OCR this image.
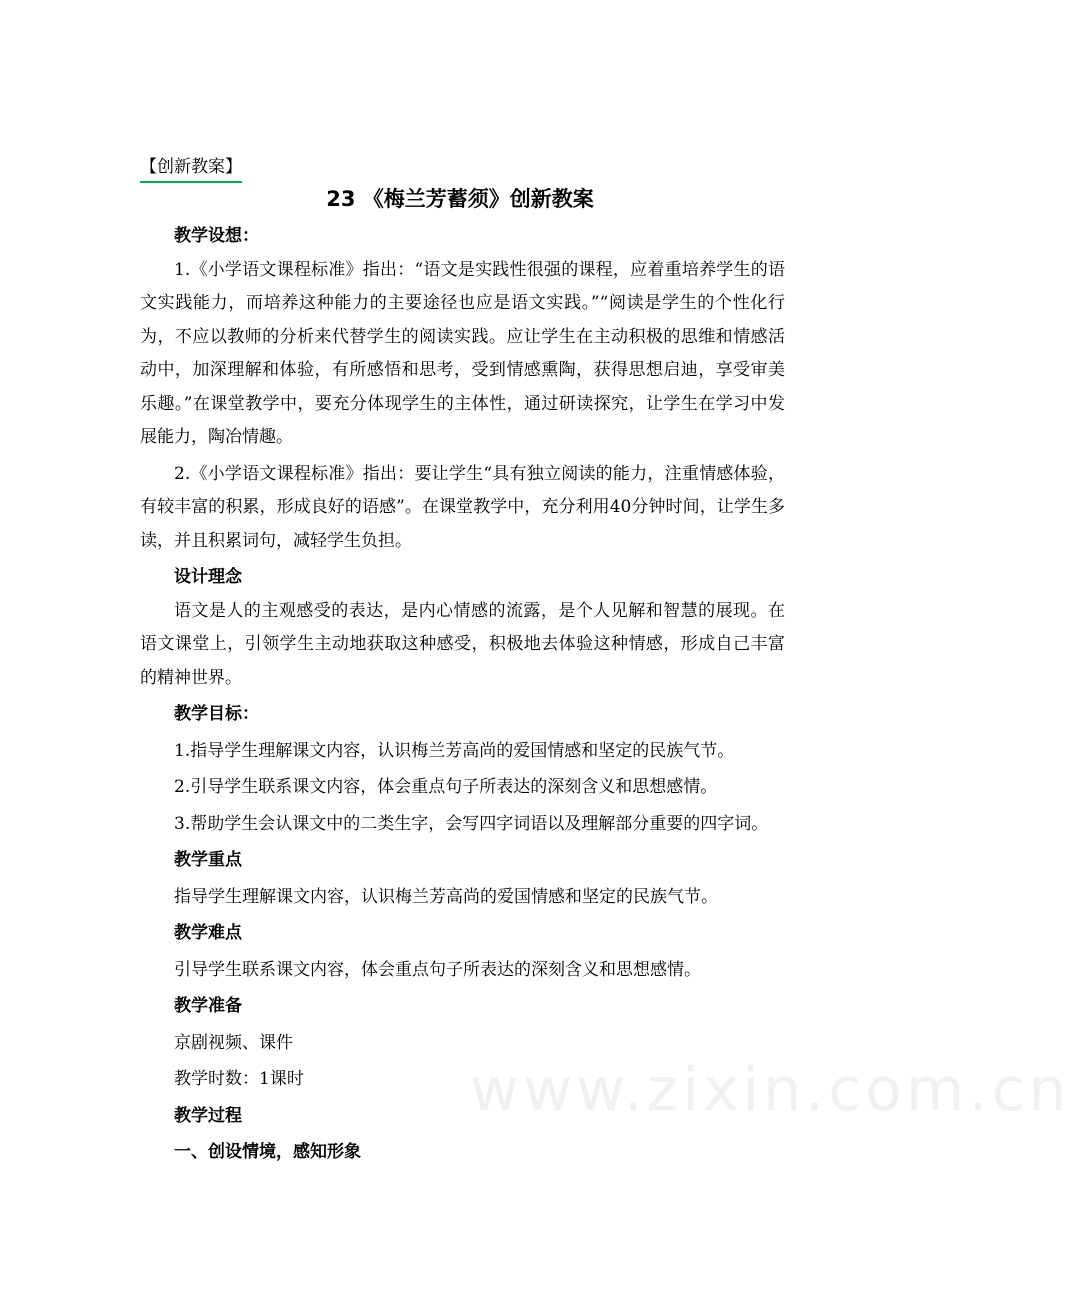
www.zixin.com.cn
【创新教案】
23 《梅兰芳蓄须》创新教案

教学设想：

1.《小学语文课程标准》指出：“语文是实践性很强的课程，应着重培养学生的语文实践能力，而培养这种能力的主要途径也应是语文实践。”“阅读是学生的个性化行为，不应以教师的分析来代替学生的阅读实践。应让学生在主动积极的思维和情感活动中，加深理解和体验，有所感悟和思考，受到情感熏陶，获得思想启迪，享受审美乐趣。”在课堂教学中，要充分体现学生的主体性，通过研读探究，让学生在学习中发展能力，陶冶情趣。

2.《小学语文课程标准》指出：要让学生“具有独立阅读的能力，注重情感体验，有较丰富的积累，形成良好的语感”。在课堂教学中，充分利用40分钟时间，让学生多读，并且积累词句，减轻学生负担。

设计理念

语文是人的主观感受的表达，是内心情感的流露，是个人见解和智慧的展现。在语文课堂上，引领学生主动地获取这种感受，积极地去体验这种情感，形成自己丰富的精神世界。

教学目标：

1.指导学生理解课文内容，认识梅兰芳高尚的爱国情感和坚定的民族气节。

2.引导学生联系课文内容，体会重点句子所表达的深刻含义和思想感情。

3.帮助学生会认课文中的二类生字，会写四字词语以及理解部分重要的四字词。

教学重点

指导学生理解课文内容，认识梅兰芳高尚的爱国情感和坚定的民族气节。

教学难点

引导学生联系课文内容，体会重点句子所表达的深刻含义和思想感情。

教学准备

京剧视频、课件

教学时数：1课时

教学过程

一、创设情境，感知形象
